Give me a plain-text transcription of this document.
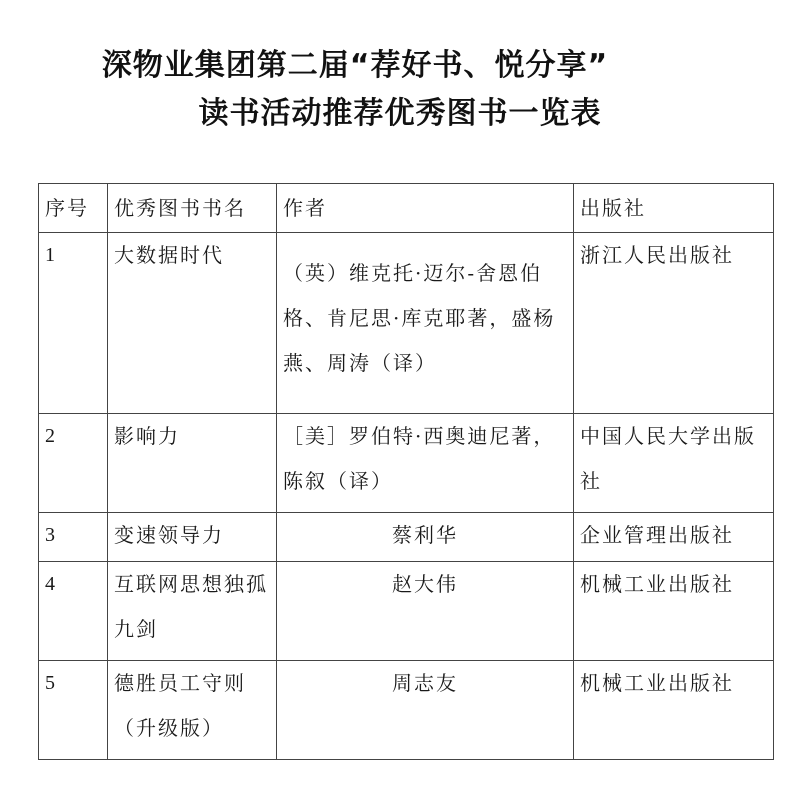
深物业集团第二届“荐好书、悦分享”
读书活动推荐优秀图书一览表
序号	优秀图书书名	作者	出版社
1	大数据时代	（英）维克托·迈尔-舍恩伯格、肯尼思·库克耶著，盛杨燕、周涛（译）	浙江人民出版社
2	影响力	［美］罗伯特·西奥迪尼著，陈叙（译）	中国人民大学出版社
3	变速领导力	蔡利华	企业管理出版社
4	互联网思想独孤九剑	赵大伟	机械工业出版社
5	德胜员工守则（升级版）	周志友	机械工业出版社
